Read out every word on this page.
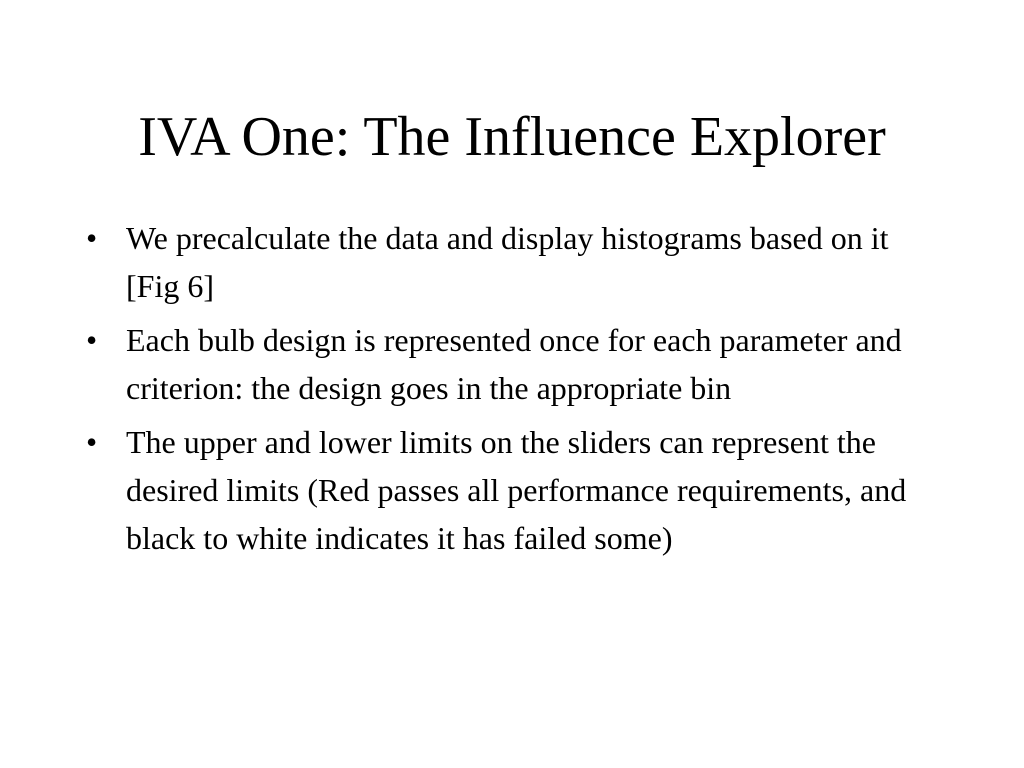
IVA One: The Influence Explorer
• We precalculate the data and display histograms based on it [Fig 6]
• Each bulb design is represented once for each parameter and criterion: the design goes in the appropriate bin
• The upper and lower limits on the sliders can represent the desired limits (Red passes all performance requirements, and black to white indicates it has failed some)
